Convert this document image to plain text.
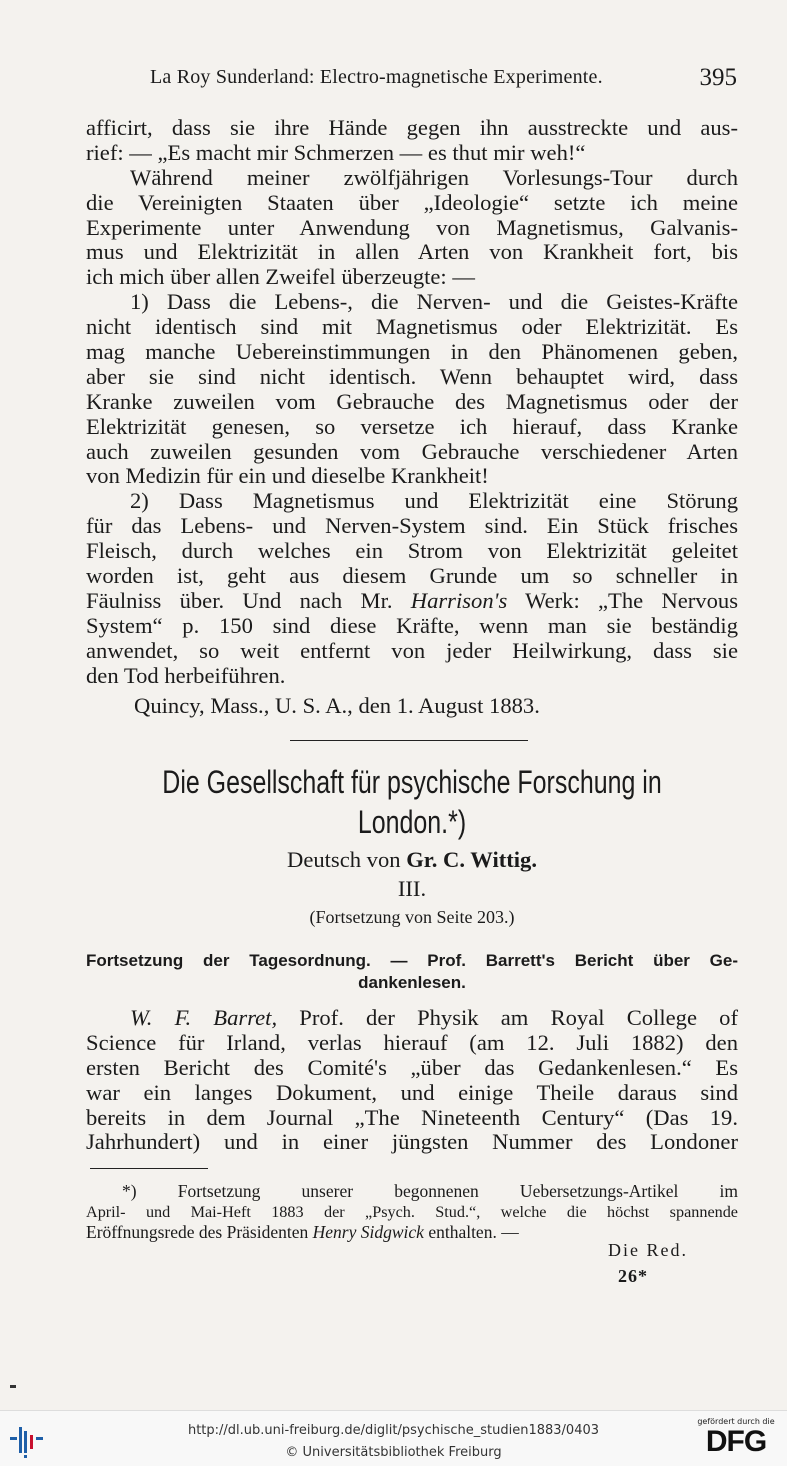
La Roy Sunderland: Electro-magnetische Experimente.	395
afficirt, dass sie ihre Hände gegen ihn ausstreckte und aus-
rief: — „Es macht mir Schmerzen — es thut mir weh!“
Während meiner zwölfjährigen Vorlesungs-Tour durch
die Vereinigten Staaten über „Ideologie“ setzte ich meine
Experimente unter Anwendung von Magnetismus, Galvanis-
mus und Elektrizität in allen Arten von Krankheit fort, bis
ich mich über allen Zweifel überzeugte: —
1) Dass die Lebens-, die Nerven- und die Geistes-Kräfte
nicht identisch sind mit Magnetismus oder Elektrizität. Es
mag manche Uebereinstimmungen in den Phänomenen geben,
aber sie sind nicht identisch. Wenn behauptet wird, dass
Kranke zuweilen vom Gebrauche des Magnetismus oder der
Elektrizität genesen, so versetze ich hierauf, dass Kranke
auch zuweilen gesunden vom Gebrauche verschiedener Arten
von Medizin für ein und dieselbe Krankheit!
2) Dass Magnetismus und Elektrizität eine Störung
für das Lebens- und Nerven-System sind. Ein Stück frisches
Fleisch, durch welches ein Strom von Elektrizität geleitet
worden ist, geht aus diesem Grunde um so schneller in
Fäulniss über. Und nach Mr. Harrison's Werk: „The Nervous
System“ p. 150 sind diese Kräfte, wenn man sie beständig
anwendet, so weit entfernt von jeder Heilwirkung, dass sie
den Tod herbeiführen.
Quincy, Mass., U. S. A., den 1. August 1883.
Die Gesellschaft für psychische Forschung in
London.*)
Deutsch von Gr. C. Wittig.
III.
(Fortsetzung von Seite 203.)
Fortsetzung der Tagesordnung. — Prof. Barrett's Bericht über Ge-
dankenlesen.
W. F. Barret, Prof. der Physik am Royal College of
Science für Irland, verlas hierauf (am 12. Juli 1882) den
ersten Bericht des Comité's „über das Gedankenlesen.“ Es
war ein langes Dokument, und einige Theile daraus sind
bereits in dem Journal „The Nineteenth Century“ (Das 19.
Jahrhundert) und in einer jüngsten Nummer des Londoner
*) Fortsetzung unserer begonnenen Uebersetzungs-Artikel im
April- und Mai-Heft 1883 der „Psych. Stud.“, welche die höchst spannende
Eröffnungsrede des Präsidenten Henry Sidgwick enthalten. —
Die Red.
26*
http://dl.ub.uni-freiburg.de/diglit/psychische_studien1883/0403
© Universitätsbibliothek Freiburg
gefördert durch die
DFG
